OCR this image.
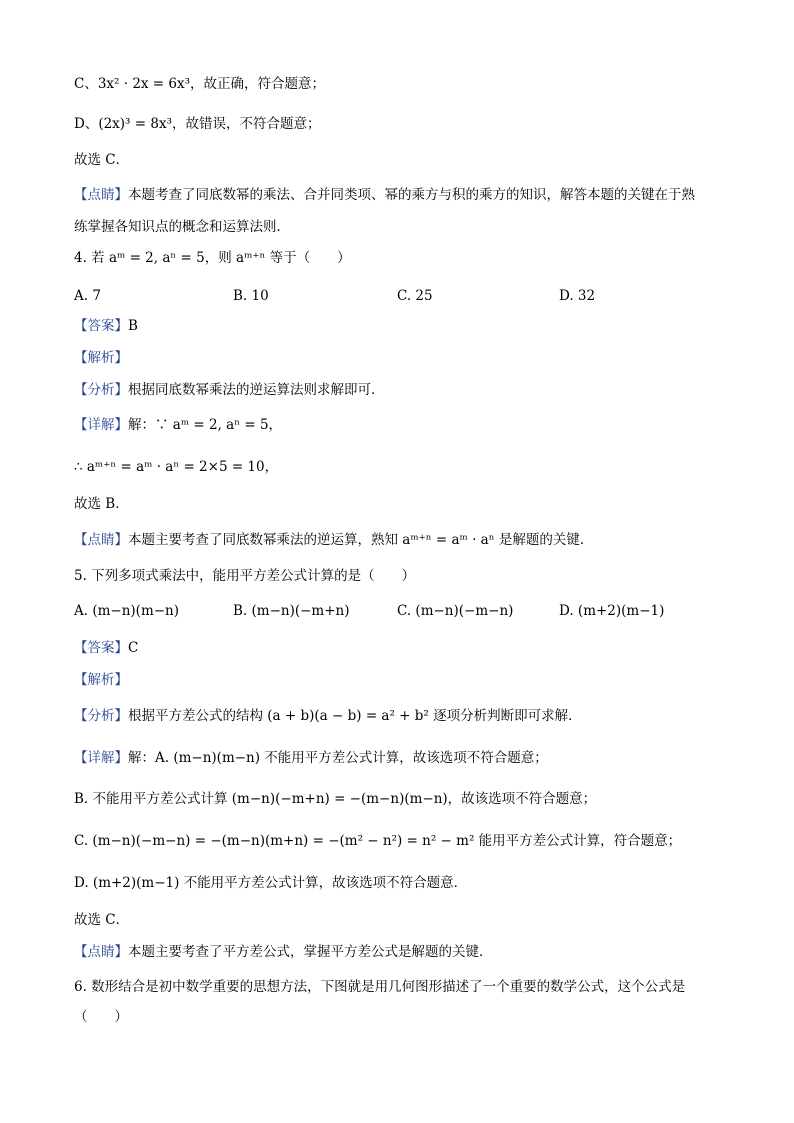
C、3x² · 2x = 6x³，故正确，符合题意；
D、(2x)³ = 8x³，故错误，不符合题意；
故选 C．
【点睛】本题考查了同底数幂的乘法、合并同类项、幂的乘方与积的乘方的知识，解答本题的关键在于熟
练掌握各知识点的概念和运算法则．
4. 若 aᵐ = 2, aⁿ = 5，则 aᵐ⁺ⁿ 等于（　　）
A. 7	B. 10	C. 25	D. 32
【答案】B
【解析】
【分析】根据同底数幂乘法的逆运算法则求解即可．
【详解】解：∵ aᵐ = 2, aⁿ = 5，
∴ aᵐ⁺ⁿ = aᵐ · aⁿ = 2×5 = 10，
故选 B．
【点睛】本题主要考查了同底数幂乘法的逆运算，熟知 aᵐ⁺ⁿ = aᵐ · aⁿ 是解题的关键．
5. 下列多项式乘法中，能用平方差公式计算的是（　　）
A. (m−n)(m−n)	B. (m−n)(−m+n)	C. (m−n)(−m−n)	D. (m+2)(m−1)
【答案】C
【解析】
【分析】根据平方差公式的结构 (a + b)(a − b) = a² + b² 逐项分析判断即可求解．
【详解】解：A. (m−n)(m−n) 不能用平方差公式计算，故该选项不符合题意；
B. 不能用平方差公式计算 (m−n)(−m+n) = −(m−n)(m−n)，故该选项不符合题意；
C. (m−n)(−m−n) = −(m−n)(m+n) = −(m² − n²) = n² − m² 能用平方差公式计算，符合题意；
D. (m+2)(m−1) 不能用平方差公式计算，故该选项不符合题意．
故选 C．
【点睛】本题主要考查了平方差公式，掌握平方差公式是解题的关键．
6. 数形结合是初中数学重要的思想方法，下图就是用几何图形描述了一个重要的数学公式，这个公式是
（　　）
